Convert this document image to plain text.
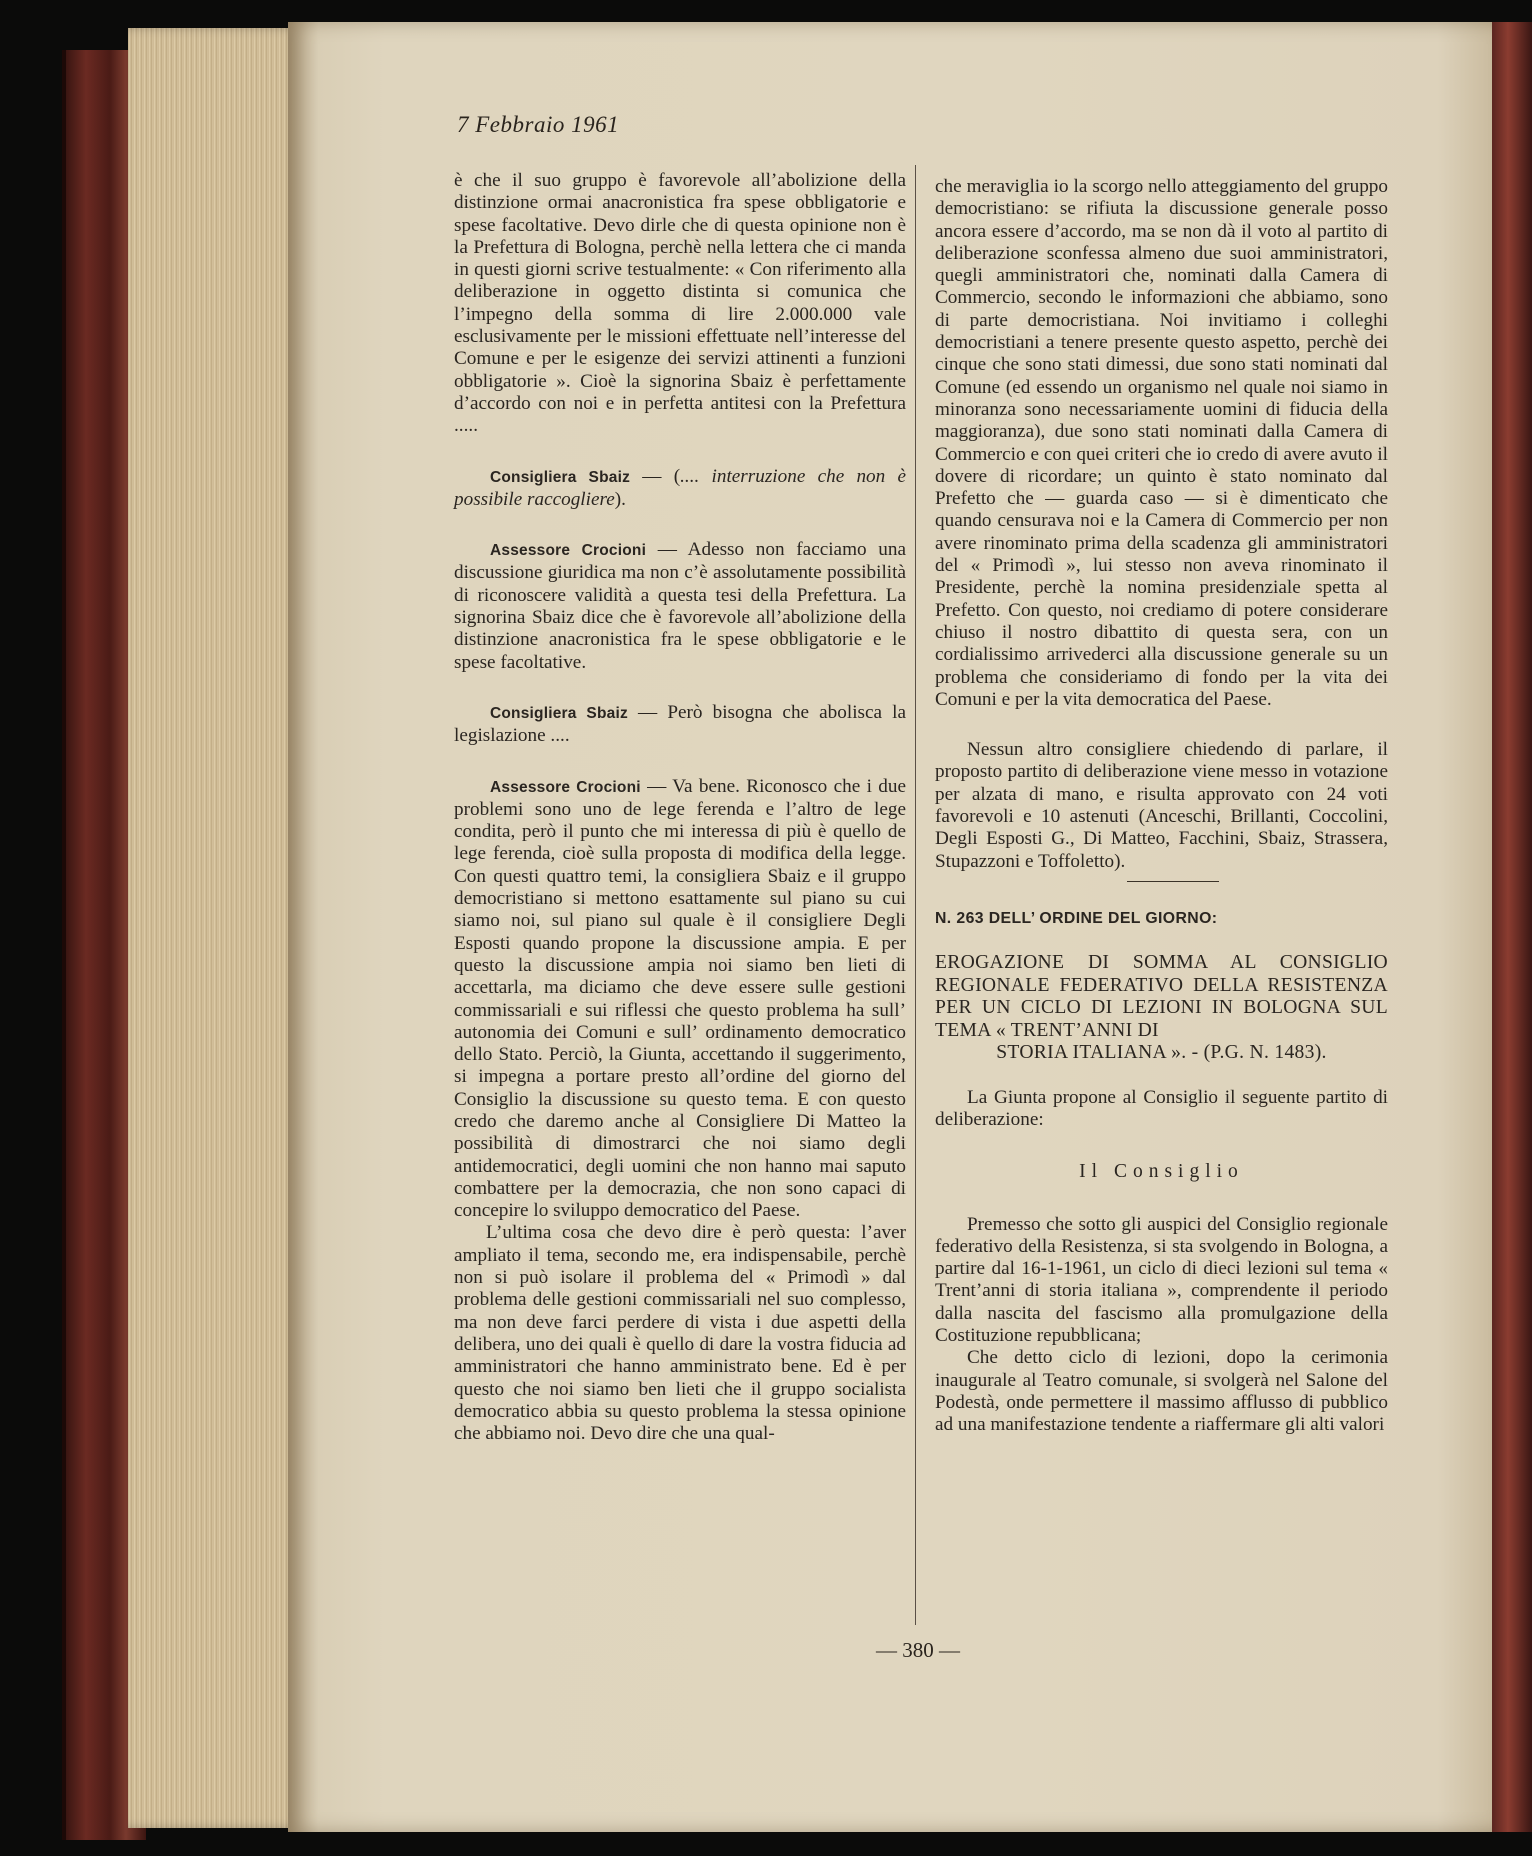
7 Febbraio 1961

è che il suo gruppo è favorevole all’abolizione della distinzione ormai anacronistica fra spese obbligatorie e spese facoltative. Devo dirle che di questa opinione non è la Prefettura di Bologna, perchè nella lettera che ci manda in questi giorni scrive testualmente: « Con riferimento alla deliberazione in oggetto distinta si comunica che l’impegno della somma di lire 2.000.000 vale esclusivamente per le missioni effettuate nell’interesse del Comune e per le esigenze dei servizi attinenti a funzioni obbligatorie ». Cioè la signorina Sbaiz è perfettamente d’accordo con noi e in perfetta antitesi con la Prefettura .....

Consigliera Sbaiz — (.... interruzione che non è possibile raccogliere).

Assessore Crocioni — Adesso non facciamo una discussione giuridica ma non c’è assolutamente possibilità di riconoscere validità a questa tesi della Prefettura. La signorina Sbaiz dice che è favorevole all’abolizione della distinzione anacronistica fra le spese obbligatorie e le spese facoltative.

Consigliera Sbaiz — Però bisogna che abolisca la legislazione ....

Assessore Crocioni — Va bene. Riconosco che i due problemi sono uno de lege ferenda e l’altro de lege condita, però il punto che mi interessa di più è quello de lege ferenda, cioè sulla proposta di modifica della legge. Con questi quattro temi, la consigliera Sbaiz e il gruppo democristiano si mettono esattamente sul piano su cui siamo noi, sul piano sul quale è il consigliere Degli Esposti quando propone la discussione ampia. E per questo la discussione ampia noi siamo ben lieti di accettarla, ma diciamo che deve essere sulle gestioni commissariali e sui riflessi che questo problema ha sull’ autonomia dei Comuni e sull’ ordinamento democratico dello Stato. Perciò, la Giunta, accettando il suggerimento, si impegna a portare presto all’ordine del giorno del Consiglio la discussione su questo tema. E con questo credo che daremo anche al Consigliere Di Matteo la possibilità di dimostrarci che noi siamo degli antidemocratici, degli uomini che non hanno mai saputo combattere per la democrazia, che non sono capaci di concepire lo sviluppo democratico del Paese.

L’ultima cosa che devo dire è però questa: l’aver ampliato il tema, secondo me, era indispensabile, perchè non si può isolare il problema del « Primodì » dal problema delle gestioni commissariali nel suo complesso, ma non deve farci perdere di vista i due aspetti della delibera, uno dei quali è quello di dare la vostra fiducia ad amministratori che hanno amministrato bene. Ed è per questo che noi siamo ben lieti che il gruppo socialista democratico abbia su questo problema la stessa opinione che abbiamo noi. Devo dire che una qual-

che meraviglia io la scorgo nello atteggiamento del gruppo democristiano: se rifiuta la discussione generale posso ancora essere d’accordo, ma se non dà il voto al partito di deliberazione sconfessa almeno due suoi amministratori, quegli amministratori che, nominati dalla Camera di Commercio, secondo le informazioni che abbiamo, sono di parte democristiana. Noi invitiamo i colleghi democristiani a tenere presente questo aspetto, perchè dei cinque che sono stati dimessi, due sono stati nominati dal Comune (ed essendo un organismo nel quale noi siamo in minoranza sono necessariamente uomini di fiducia della maggioranza), due sono stati nominati dalla Camera di Commercio e con quei criteri che io credo di avere avuto il dovere di ricordare; un quinto è stato nominato dal Prefetto che — guarda caso — si è dimenticato che quando censurava noi e la Camera di Commercio per non avere rinominato prima della scadenza gli amministratori del « Primodì », lui stesso non aveva rinominato il Presidente, perchè la nomina presidenziale spetta al Prefetto. Con questo, noi crediamo di potere considerare chiuso il nostro dibattito di questa sera, con un cordialissimo arrivederci alla discussione generale su un problema che consideriamo di fondo per la vita dei Comuni e per la vita democratica del Paese.

Nessun altro consigliere chiedendo di parlare, il proposto partito di deliberazione viene messo in votazione per alzata di mano, e risulta approvato con 24 voti favorevoli e 10 astenuti (Anceschi, Brillanti, Coccolini, Degli Esposti G., Di Matteo, Facchini, Sbaiz, Strassera, Stupazzoni e Toffoletto).

N. 263 DELL’ ORDINE DEL GIORNO:
EROGAZIONE DI SOMMA AL CONSIGLIO REGIONALE FEDERATIVO DELLA RESISTENZA PER UN CICLO DI LEZIONI IN BOLOGNA SUL TEMA « TRENT’ANNI DI
STORIA ITALIANA ». - (P.G. N. 1483).

La Giunta propone al Consiglio il seguente partito di deliberazione:

Il Consiglio

Premesso che sotto gli auspici del Consiglio regionale federativo della Resistenza, si sta svolgendo in Bologna, a partire dal 16-1-1961, un ciclo di dieci lezioni sul tema « Trent’anni di storia italiana », comprendente il periodo dalla nascita del fascismo alla promulgazione della Costituzione repubblicana;

Che detto ciclo di lezioni, dopo la cerimonia inaugurale al Teatro comunale, si svolgerà nel Salone del Podestà, onde permettere il massimo afflusso di pubblico ad una manifestazione tendente a riaffermare gli alti valori

— 380 —
